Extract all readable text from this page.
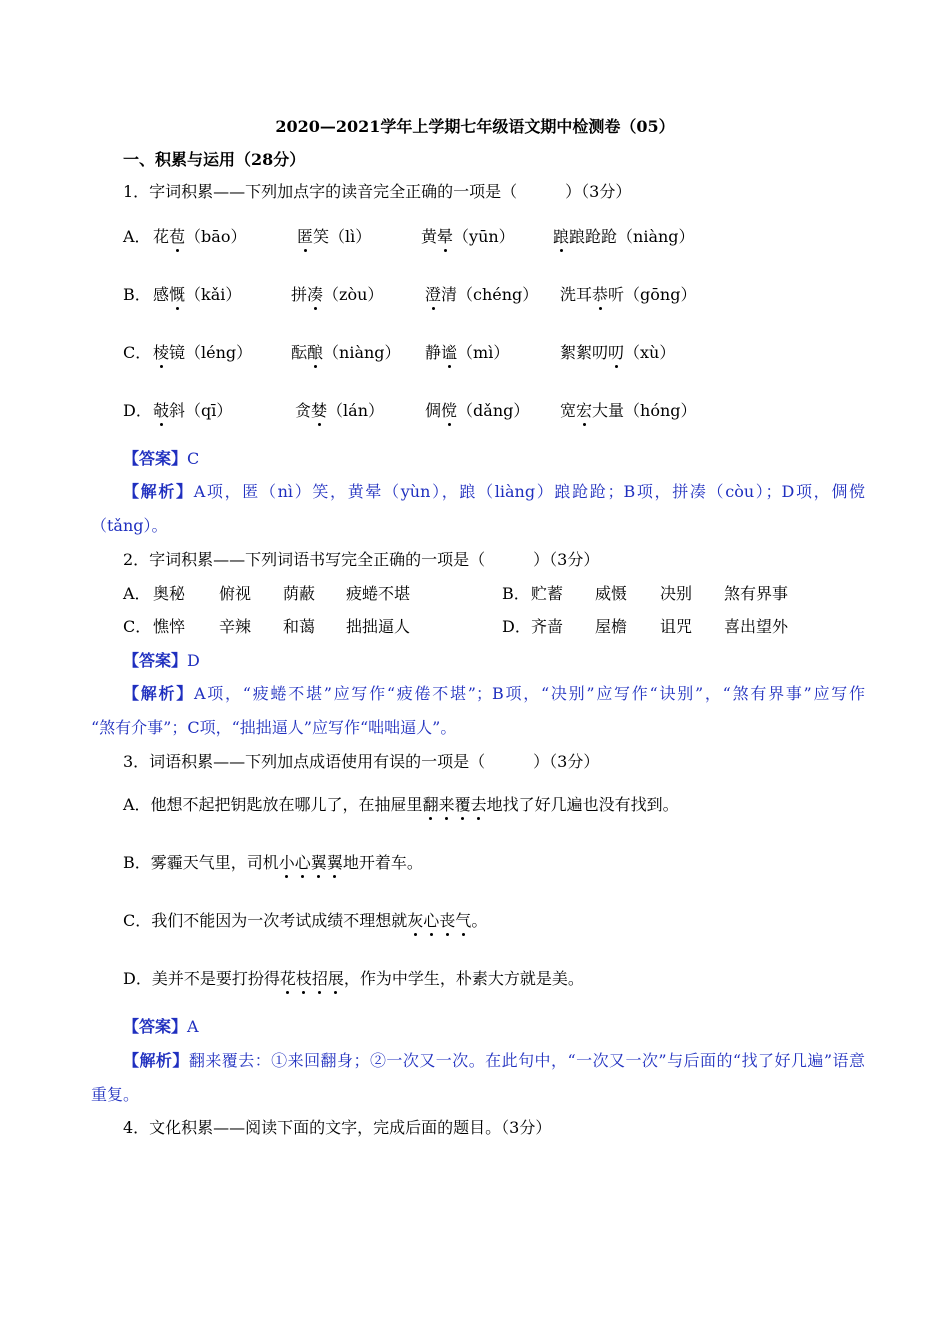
2020—2021学年上学期七年级语文期中检测卷（05）
一、积累与运用（28分）
1．字词积累——下列加点字的读音完全正确的一项是（　　　）（3分）
A． 花苞（bāo）	匿笑（lì）	黄晕（yūn） 踉踉跄跄（niàng）
B． 感慨（kǎi）	拼凑（zòu）	澄清（chéng） 洗耳恭听（gōng）
C． 棱镜（léng） 酝酿（niàng） 静谧（mì）	絮絮叨叨（xù）
D． 攲斜（qī）	贪婪（lán）	倜傥（dǎng） 宽宏大量（hóng）
【答案】C
【解析】A项，匿（nì）笑，黄晕（yùn），踉（liàng）踉跄跄；B项，拼凑（còu）；D项，倜傥
（tǎng）。
2．字词积累——下列词语书写完全正确的一项是（　　　）（3分）
A． 奥秘 俯视 荫蔽 疲蜷不堪	B． 贮蓄 威慑 决别 煞有界事
C． 憔悴 辛辣 和蔼 拙拙逼人	D． 齐啬 屋檐 诅咒 喜出望外
【答案】D
【解析】A项，“疲蜷不堪”应写作“疲倦不堪”；B项，“决别”应写作“诀别”，“煞有界事”应写作
“煞有介事”；C项，“拙拙逼人”应写作“咄咄逼人”。
3．词语积累——下列加点成语使用有误的一项是（　　　）（3分）
A．他想不起把钥匙放在哪儿了，在抽屉里翻来覆去地找了好几遍也没有找到。
B．雾霾天气里，司机小心翼翼地开着车。
C．我们不能因为一次考试成绩不理想就灰心丧气。
D．美并不是要打扮得花枝招展，作为中学生，朴素大方就是美。
【答案】A
【解析】翻来覆去：①来回翻身；②一次又一次。在此句中，“一次又一次”与后面的“找了好几遍”语意
重复。
4．文化积累——阅读下面的文字，完成后面的题目。（3分）
